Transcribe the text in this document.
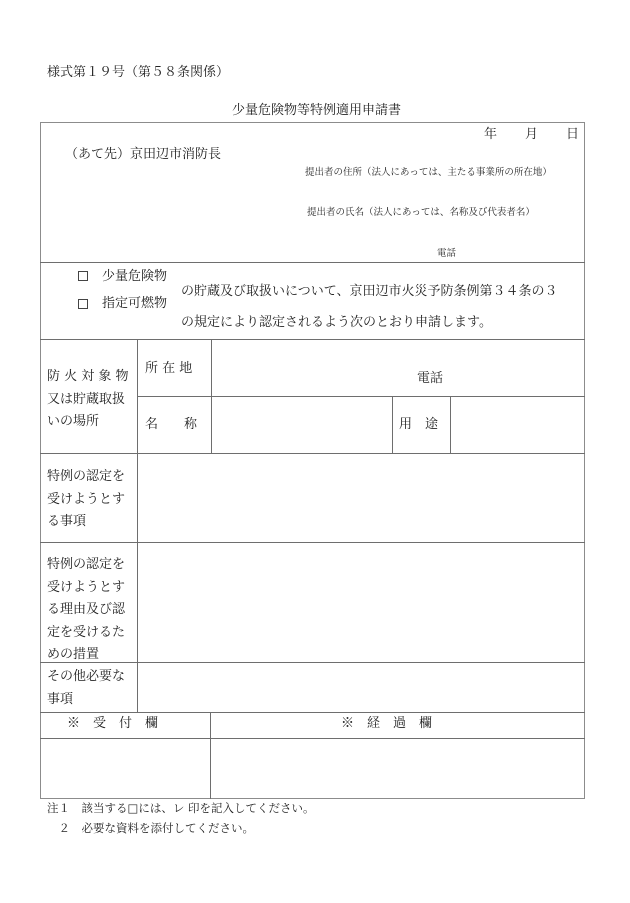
様式第１９号（第５８条関係）
少量危険物等特例適用申請書
年 月 日
（あて先）京田辺市消防長
提出者の住所（法人にあっては、主たる事業所の所在地）
提出者の氏名（法人にあっては、名称及び代表者名）
電話
少量危険物
指定可燃物
の貯蔵及び取扱いについて、京田辺市火災予防条例第３４条の３
の規定により認定されるよう次のとおり申請します。
防 火 対 象 物
又は貯蔵取扱
いの場所
所 在 地
電話
名　　称	用　途
特例の認定を
受けようとす
る事項
特例の認定を
受けようとす
る理由及び認
定を受けるた
めの措置
その他必要な
事項
※　受　付　欄	※　経　過　欄
注１　該当する□には、レ 印を記入してください。
　２　必要な資料を添付してください。
